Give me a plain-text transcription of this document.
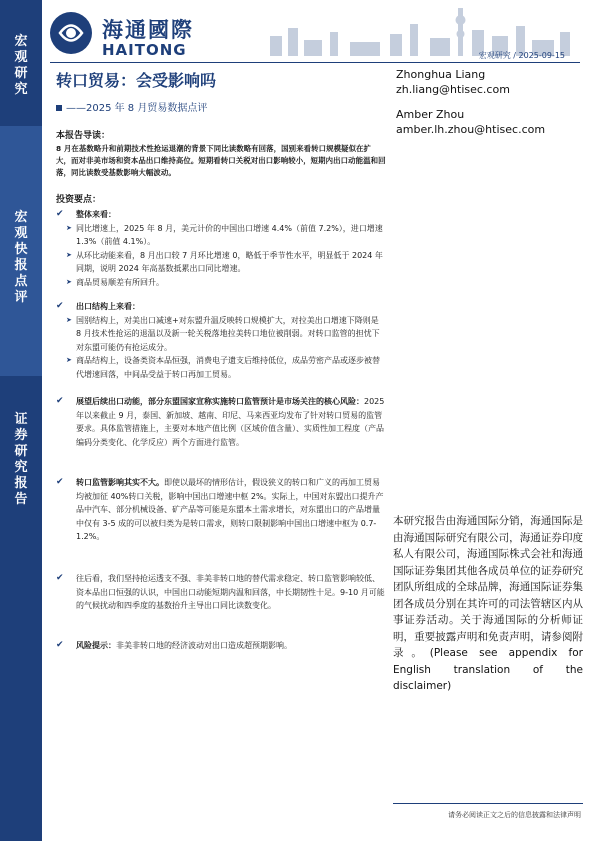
宏
观
研
究
宏
观
快
报
点
评
证
券
研
究
报
告
海通國際
HAITONG	宏观研究 / 2025-09-15
转口贸易：会受影响吗
——2025 年 8 月贸易数据点评
Zhonghua Liang
zh.liang@htisec.com
Amber Zhou
amber.lh.zhou@htisec.com
本报告导读：
8 月在基数略升和前期技术性抢运退潮的背景下同比读数略有回落，国别来看转口规模疑似在扩大，而对非美市场和资本品出口维持高位。短期看转口关税对出口影响较小，短期内出口动能温和回落，同比读数受基数影响大幅波动。
投资要点：
✔ 整体来看：
➤ 同比增速上，2025 年 8 月，美元计价的中国出口增速 4.4%（前值 7.2%），进口增速 1.3%（前值 4.1%）。
➤ 从环比动能来看，8 月出口较 7 月环比增速 0，略低于季节性水平，明显低于 2024 年同期，说明 2024 年高基数抵累出口同比增速。
➤ 商品贸易顺差有所回升。
✔ 出口结构上来看：
➤ 国别结构上，对美出口减速+对东盟升温反映转口规模扩大，对拉美出口增速下降则是 8 月技术性抢运的退温以及新一轮关税落地拉美转口地位被削弱。对转口监管的担忧下对东盟可能仍有抢运成分。
➤ 商品结构上，设备类资本品恒强，消费电子遗支后维持低位，成品劳密产品或逐步被替代增速回落，中间品受益于转口再加工贸易。
✔ 展望后续出口动能，部分东盟国家宣称实施转口监管预计是市场关注的核心风险：2025 年以来截止 9 月，泰国、新加坡、越南、印尼、马来西亚均发布了针对转口贸易的监管要求。具体监管措施上，主要对本地产值比例（区域价值含量）、实质性加工程度（产品编码分类变化、化学反应）两个方面进行监管。
✔ 转口监管影响其实不大。即使以最坏的情形估计，假设狭义的转口和广义的再加工贸易均被加征 40%转口关税，影响中国出口增速中枢 2%。实际上，中国对东盟出口提升产品中汽车、部分机械设备、矿产品等可能是东盟本土需求增长，对东盟出口的产品增量中仅有 3-5 成的可以被归类为是转口需求，则转口限制影响中国出口增速中枢为 0.7-1.2%。
✔ 往后看，我们坚持抢运透支不强、非美非转口地的替代需求稳定、转口监管影响较低、资本品出口恒强的认识，中国出口动能短期内温和回落，中长期韧性十足。9-10 月可能的气候扰动和四季度的基数抬升主导出口同比读数变化。
✔ 风险提示：非美非转口地的经济波动对出口造成超预期影响。
本研究报告由海通国际分销，海通国际是由海通国际研究有限公司，海通证券印度私人有限公司，海通国际株式会社和海通国际证券集团其他各成员单位的证券研究团队所组成的全球品牌，海通国际证券集团各成员分别在其许可的司法管辖区内从事证券活动。关于海通国际的分析师证明，重要披露声明和免责声明，请参阅附录。(Please see appendix for English translation of the disclaimer)
请务必阅读正文之后的信息披露和法律声明
